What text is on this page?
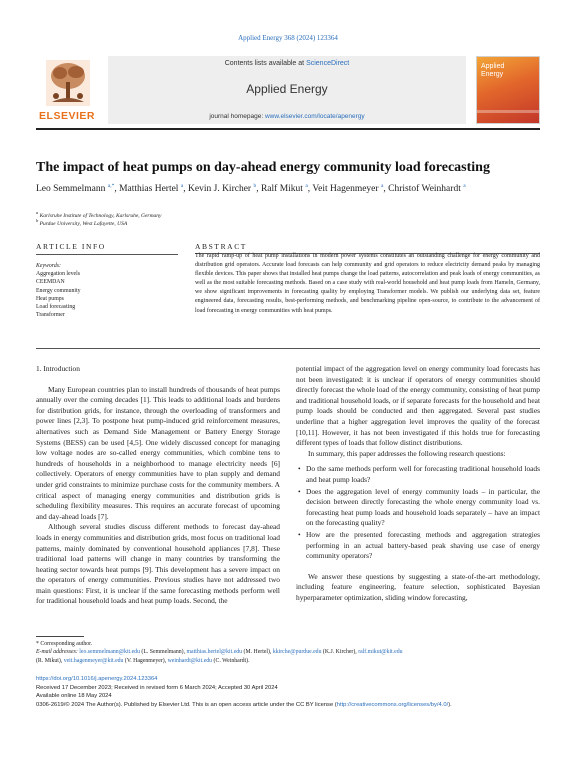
Applied Energy 368 (2024) 123364
ELSEVIER
Contents lists available at ScienceDirect
Applied Energy
journal homepage: www.elsevier.com/locate/apenergy
Applied
Energy
The impact of heat pumps on day-ahead energy community load forecasting
Leo Semmelmann $^{a,*}$, Matthias Hertel $^a$, Kevin J. Kircher $^b$, Ralf Mikut $^a$, Veit Hagenmeyer $^a$, Christof Weinhardt $^a$
$^a$ Karlsruhe Institute of Technology, Karlsruhe, Germany
$^b$ Purdue University, West Lafayette, USA
ARTICLE INFO	ABSTRACT
Keywords:
Aggregation levels
CEEMDAN
Energy community
Heat pumps
Load forecasting
Transformer
The rapid ramp-up of heat pump installations in modern power systems constitutes an outstanding challenge for energy community and distribution grid operators. Accurate load forecasts can help community and grid operators to reduce electricity demand peaks by managing flexible devices. This paper shows that installed heat pumps change the load patterns, autocorrelation and peak loads of energy communities, as well as the most suitable forecasting methods. Based on a case study with real-world household and heat pump loads from Hameln, Germany, we show significant improvements in forecasting quality by employing Transformer models. We publish our underlying data set, feature engineered data, forecasting results, best-performing methods, and benchmarking pipeline open-source, to contribute to the advancement of load forecasting in energy communities with heat pumps.
1. Introduction

Many European countries plan to install hundreds of thousands of heat pumps annually over the coming decades [1]. This leads to additional loads and burdens for distribution grids, for instance, through the overloading of transformers and power lines [2,3]. To postpone heat pump-induced grid reinforcement measures, alternatives such as Demand Side Management or Battery Energy Storage Systems (BESS) can be used [4,5]. One widely discussed concept for managing low voltage nodes are so-called energy communities, which combine tens to hundreds of households in a neighborhood to manage electricity needs [6] collectively. Operators of energy communities have to plan supply and demand under grid constraints to minimize purchase costs for the community members. A critical aspect of managing energy communities and distribution grids is scheduling flexibility measures. This requires an accurate forecast of upcoming and day-ahead loads [7].

Although several studies discuss different methods to forecast day-ahead loads in energy communities and distribution grids, most focus on traditional load patterns, mainly dominated by conventional household appliances [7,8]. These traditional load patterns will change in many countries by transforming the heating sector towards heat pumps [9]. This development has a severe impact on the operators of energy communities. Previous studies have not addressed two main questions: First, it is unclear if the same forecasting methods perform well for traditional household loads and heat pump loads. Second, the

potential impact of the aggregation level on energy community load forecasts has not been investigated: it is unclear if operators of energy communities should directly forecast the whole load of the energy community, consisting of heat pump and traditional household loads, or if separate forecasts for the household and heat pump loads should be conducted and then aggregated. Several past studies underline that a higher aggregation level improves the quality of the forecast [10,11]. However, it has not been investigated if this holds true for forecasting different types of loads that follow distinct distributions.

In summary, this paper addresses the following research questions:

• Do the same methods perform well for forecasting traditional household loads and heat pump loads?
• Does the aggregation level of energy community loads – in particular, the decision between directly forecasting the whole energy community load vs. forecasting heat pump loads and household loads separately – have an impact on the forecasting quality?
• How are the presented forecasting methods and aggregation strategies performing in an actual battery-based peak shaving use case of energy community operators?

We answer these questions by suggesting a state-of-the-art methodology, including feature engineering, feature selection, sophisticated Bayesian hyperparameter optimization, sliding window forecasting,

* Corresponding author.
E-mail addresses: leo.semmelmann@kit.edu (L. Semmelmann), matthias.hertel@kit.edu (M. Hertel), kkirche@purdue.edu (K.J. Kircher), ralf.mikut@kit.edu
(R. Mikut), veit.hagenmeyer@kit.edu (V. Hagenmeyer), weinhardt@kit.edu (C. Weinhardt).
https://doi.org/10.1016/j.apenergy.2024.123364
Received 17 December 2023; Received in revised form 6 March 2024; Accepted 30 April 2024
Available online 18 May 2024
0306-2619/© 2024 The Author(s). Published by Elsevier Ltd. This is an open access article under the CC BY license (http://creativecommons.org/licenses/by/4.0/).
